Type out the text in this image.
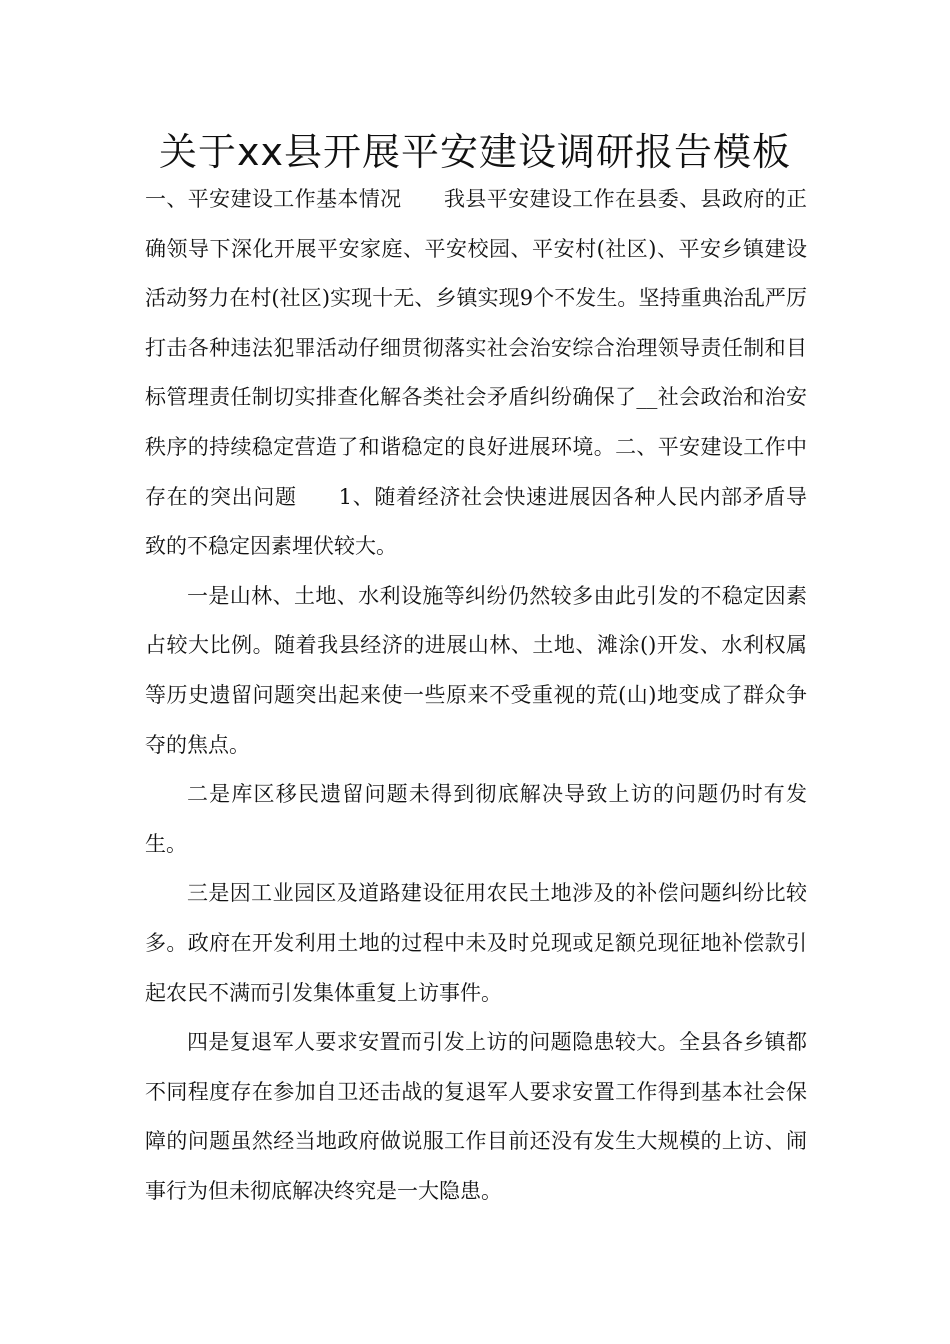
关于xx县开展平安建设调研报告模板

一、平安建设工作基本情况 我县平安建设工作在县委、县政府的正确领导下深化开展平安家庭、平安校园、平安村(社区)、平安乡镇建设活动努力在村(社区)实现十无、乡镇实现9个不发生。坚持重典治乱严厉打击各种违法犯罪活动仔细贯彻落实社会治安综合治理领导责任制和目标管理责任制切实排查化解各类社会矛盾纠纷确保了__社会政治和治安秩序的持续稳定营造了和谐稳定的良好进展环境。二、平安建设工作中存在的突出问题 1、随着经济社会快速进展因各种人民内部矛盾导致的不稳定因素埋伏较大。

一是山林、土地、水利设施等纠纷仍然较多由此引发的不稳定因素占较大比例。随着我县经济的进展山林、土地、滩涂()开发、水利权属等历史遗留问题突出起来使一些原来不受重视的荒(山)地变成了群众争夺的焦点。

二是库区移民遗留问题未得到彻底解决导致上访的问题仍时有发生。

三是因工业园区及道路建设征用农民土地涉及的补偿问题纠纷比较多。政府在开发利用土地的过程中未及时兑现或足额兑现征地补偿款引起农民不满而引发集体重复上访事件。

四是复退军人要求安置而引发上访的问题隐患较大。全县各乡镇都不同程度存在参加自卫还击战的复退军人要求安置工作得到基本社会保障的问题虽然经当地政府做说服工作目前还没有发生大规模的上访、闹事行为但未彻底解决终究是一大隐患。
